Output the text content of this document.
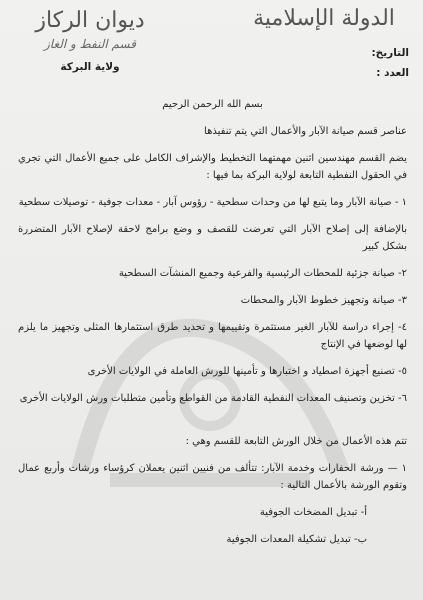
ديوان الركاز
قسم النفط و الغاز
ولاية البركة
الدولة الإسلامية
التاريخ:
العدد :
بسم الله الرحمن الرحيم
عناصر قسم صيانة الآبار والأعمال التي يتم تنفيذها
يضم القسم مهندسين اثنين مهمتهما التخطيط والإشراف الكامل على جميع الأعمال التي تجري في الحقول النفطية التابعة لولاية البركة بما فيها :
١ - صيانة الآبار وما يتبع لها من وحدات سطحية - رؤوس آبار - معدات جوفية - توصيلات سطحية
بالإضافة إلى إصلاح الآبار التي تعرضت للقصف و وضع برامج لاحقة لإصلاح الآبار المتضررة بشكل كبير
٢- صيانة جزئية للمحطات الرئيسية والفرعية وجميع المنشآت السطحية
٣- صيانة وتجهيز خطوط الآبار والمحطات
٤- إجراء دراسة للآبار الغير مستثمرة وتقييمها و تحديد طرق استثمارها المثلى وتجهيز ما يلزم لها لوضعها في الإنتاج
٥- تصنيع أجهزة اصطياد و اختبارها و تأمينها للورش العاملة في الولايات الأخرى
٦- تخزين وتصنيف المعدات النفطية القادمة من القواطع وتأمين متطلبات ورش الولايات الأخرى
تتم هذه الأعمال من خلال الورش التابعة للقسم وهي :
١ — ورشة الحفارات وخدمة الآبار: تتألف من فنيين اثنين يعملان كرؤساء ورشات وأربع عمال وتقوم الورشة بالأعمال التالية :
أ- تبديل المضخات الجوفية
ب- تبديل تشكيلة المعدات الجوفية
